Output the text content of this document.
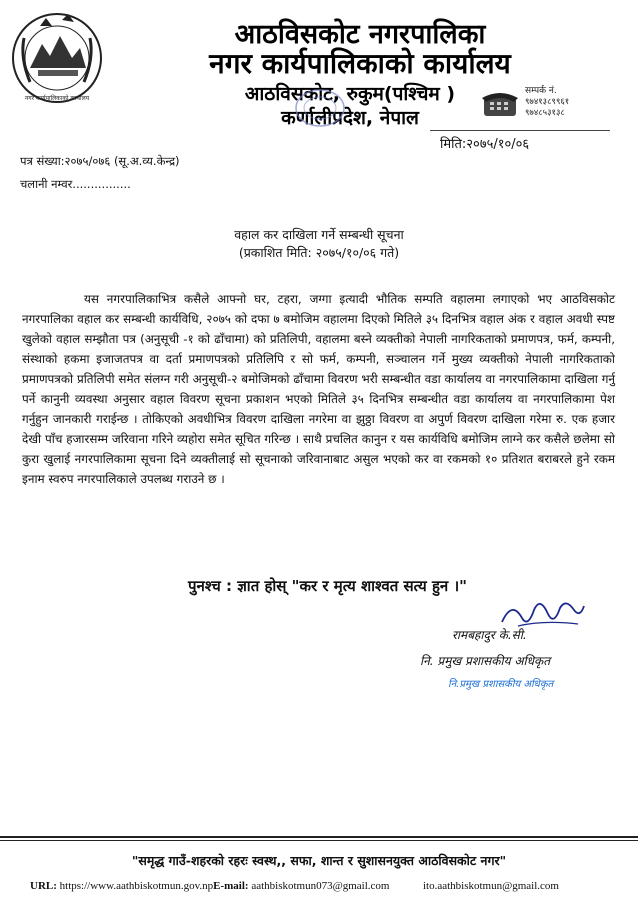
नगर कार्यपालिकाको कार्यालय
आठविसकोट नगरपालिका
नगर कार्यपालिकाको कार्यालय
आठविसकोट, रुकुम(पश्चिम )
कर्णालीप्रदेश, नेपाल
सम्पर्क नं.
९७४१३८९९६१
९७४८५३१३८
मिति:२०७५/१०/०६
पत्र संख्या:२०७५/०७६ (सू.अ.व्य.केन्द्र)
चलानी नम्वर................
वहाल कर दाखिला गर्ने सम्बन्धी सूचना
(प्रकाशित मिति: २०७५/१०/०६ गते)

यस नगरपालिकाभित्र कसैले आफ्नो घर, टहरा, जग्गा इत्यादी भौतिक सम्पति वहालमा लगाएको भए आठविसकोट नगरपालिका वहाल कर सम्बन्धी कार्यविधि, २०७५ को दफा ७ बमोजिम वहालमा दिएको मितिले ३५ दिनभित्र वहाल अंक र वहाल अवधी स्पष्ट खुलेको वहाल सम्झौता पत्र (अनुसूची -१ को ढाँचामा) को प्रतिलिपी, वहालमा बस्ने व्यक्तीको नेपाली नागरिकताको प्रमाणपत्र, फर्म, कम्पनी, संस्थाको हकमा इजाजतपत्र वा दर्ता प्रमाणपत्रको प्रतिलिपि र सो फर्म, कम्पनी, सञ्चालन गर्ने मुख्य व्यक्तीको नेपाली नागरिकताको प्रमाणपत्रको प्रतिलिपी समेत संलग्न गरी अनुसूची-२ बमोजिमको ढाँचामा विवरण भरी सम्बन्धीत वडा कार्यालय वा नगरपालिकामा दाखिला गर्नु पर्ने कानुनी व्यवस्था अनुसार वहाल विवरण सूचना प्रकाशन भएको मितिले ३५ दिनभित्र सम्बन्धीत वडा कार्यालय वा नगरपालिकामा पेश गर्नुहुन जानकारी गराईन्छ । तोकिएको अवधीभित्र विवरण दाखिला नगरेमा वा झुठ्ठा विवरण वा अपुर्ण विवरण दाखिला गरेमा रु. एक हजार देखी पाँच हजारसम्म जरिवाना गरिने व्यहोरा समेत सूचित गरिन्छ । साथै प्रचलित कानुन र यस कार्यविधि बमोजिम लाग्ने कर कसैले छलेमा सो कुरा खुलाई नगरपालिकामा सूचना दिने व्यक्तीलाई सो सूचनाको जरिवानाबाट असुल भएको कर वा रकमको १० प्रतिशत बराबरले हुने रकम इनाम स्वरुप नगरपालिकाले उपलब्ध गराउने छ ।

पुनश्च : ज्ञात होस् "कर र मृत्य शाश्वत सत्य हुन ।"
रामबहादुर के.सी.
नि. प्रमुख प्रशासकीय अधिकृत
नि.प्रमुख प्रशासकीय अधिकृत
"समृद्ध गाउँ-शहरको रहरः स्वस्थ,, सफा, शान्त र सुशासनयुक्त आठविसकोट नगर"
URL: https://www.aathbiskotmun.gov.npE-mail: aathbiskotmun073@gmail.com	ito.aathbiskotmun@gmail.com
